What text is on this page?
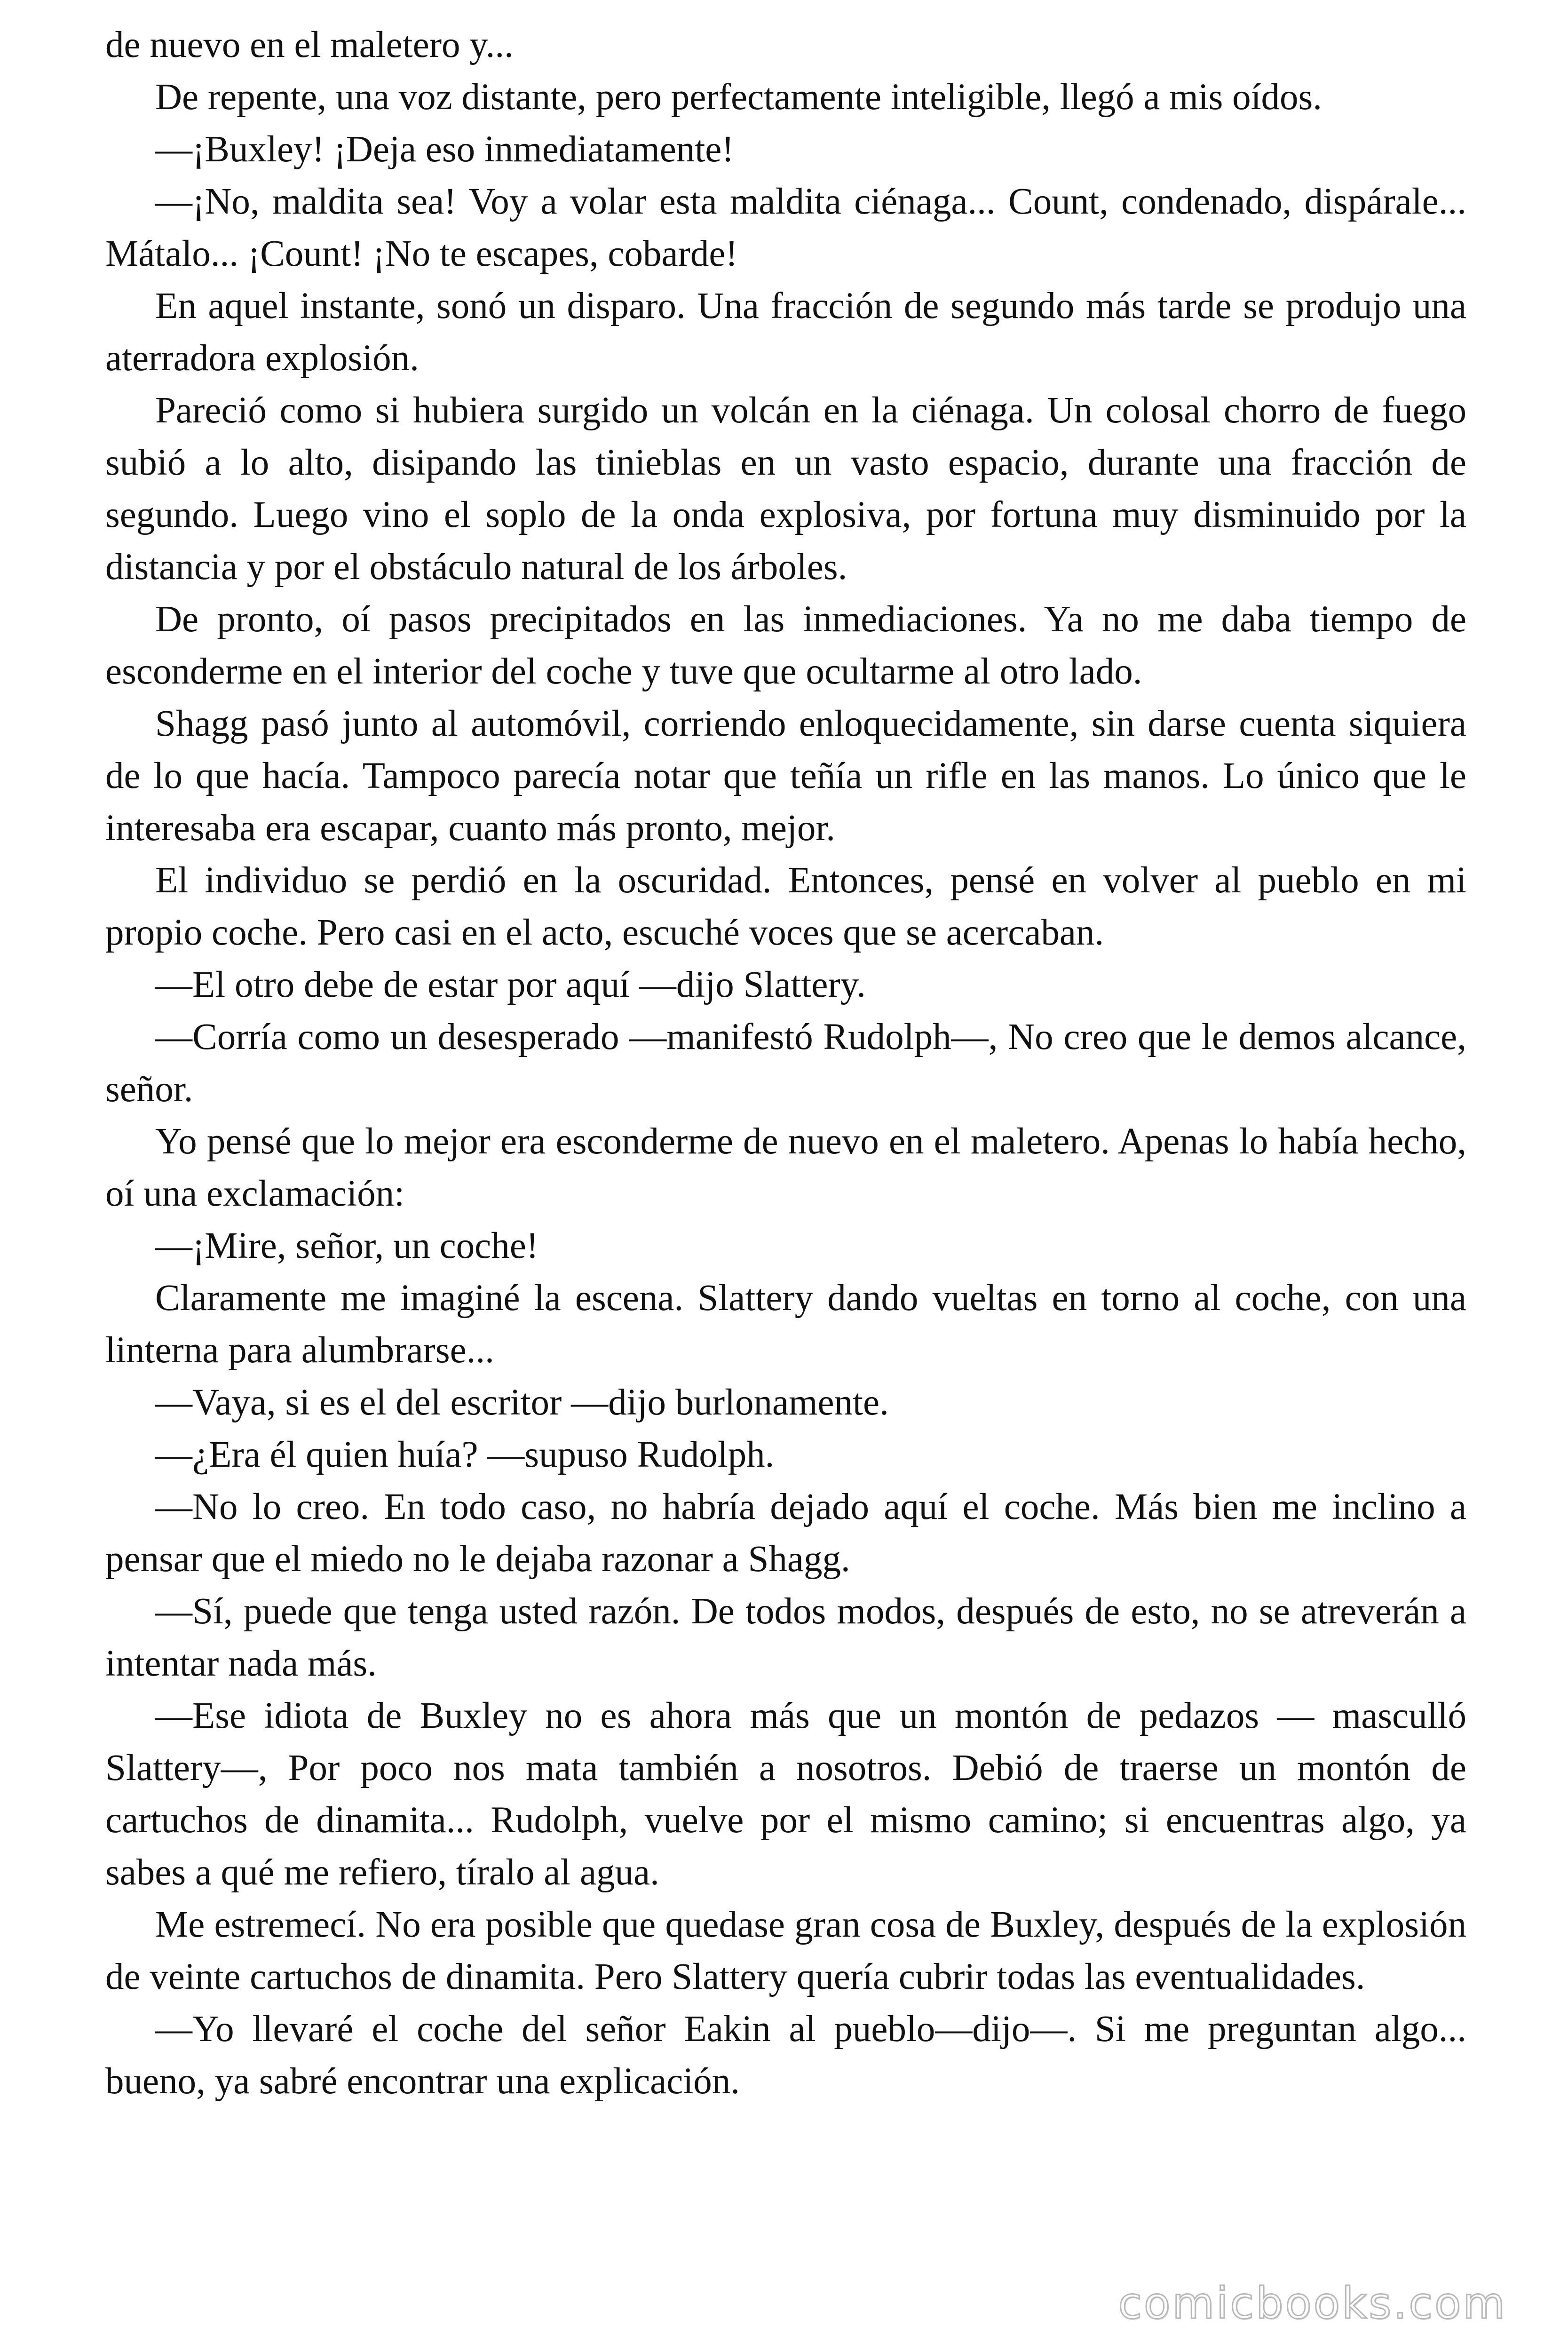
de nuevo en el maletero y...

De repente, una voz distante, pero perfectamente inteligible, llegó a mis oídos.

—¡Buxley! ¡Deja eso inmediatamente!

—¡No, maldita sea! Voy a volar esta maldita ciénaga... Count, condenado, dispárale... Mátalo... ¡Count! ¡No te escapes, cobarde!

En aquel instante, sonó un disparo. Una fracción de segundo más tarde se produjo una aterradora explosión.

Pareció como si hubiera surgido un volcán en la ciénaga. Un colosal chorro de fuego subió a lo alto, disipando las tinieblas en un vasto espacio, durante una fracción de segundo. Luego vino el soplo de la onda explosiva, por fortuna muy disminuido por la distancia y por el obstáculo natural de los árboles.

De pronto, oí pasos precipitados en las inmediaciones. Ya no me daba tiempo de esconderme en el interior del coche y tuve que ocultarme al otro lado.

Shagg pasó junto al automóvil, corriendo enloquecidamente, sin darse cuenta siquiera de lo que hacía. Tampoco parecía notar que teñía un rifle en las manos. Lo único que le interesaba era escapar, cuanto más pronto, mejor.

El individuo se perdió en la oscuridad. Entonces, pensé en volver al pueblo en mi propio coche. Pero casi en el acto, escuché voces que se acercaban.

—El otro debe de estar por aquí —dijo Slattery.

—Corría como un desesperado —manifestó Rudolph—, No creo que le demos alcance, señor.

Yo pensé que lo mejor era esconderme de nuevo en el maletero. Apenas lo había hecho, oí una exclamación:

—¡Mire, señor, un coche!

Claramente me imaginé la escena. Slattery dando vueltas en torno al coche, con una linterna para alumbrarse...

—Vaya, si es el del escritor —dijo burlonamente.

—¿Era él quien huía? —supuso Rudolph.

—No lo creo. En todo caso, no habría dejado aquí el coche. Más bien me inclino a pensar que el miedo no le dejaba razonar a Shagg.

—Sí, puede que tenga usted razón. De todos modos, después de esto, no se atreverán a intentar nada más.

—Ese idiota de Buxley no es ahora más que un montón de pedazos — masculló Slattery—, Por poco nos mata también a nosotros. Debió de traerse un montón de cartuchos de dinamita... Rudolph, vuelve por el mismo camino; si encuentras algo, ya sabes a qué me refiero, tíralo al agua.

Me estremecí. No era posible que quedase gran cosa de Buxley, después de la explosión de veinte cartuchos de dinamita. Pero Slattery quería cubrir todas las eventualidades.

—Yo llevaré el coche del señor Eakin al pueblo—dijo—. Si me preguntan algo... bueno, ya sabré encontrar una explicación.

comicbooks.com
